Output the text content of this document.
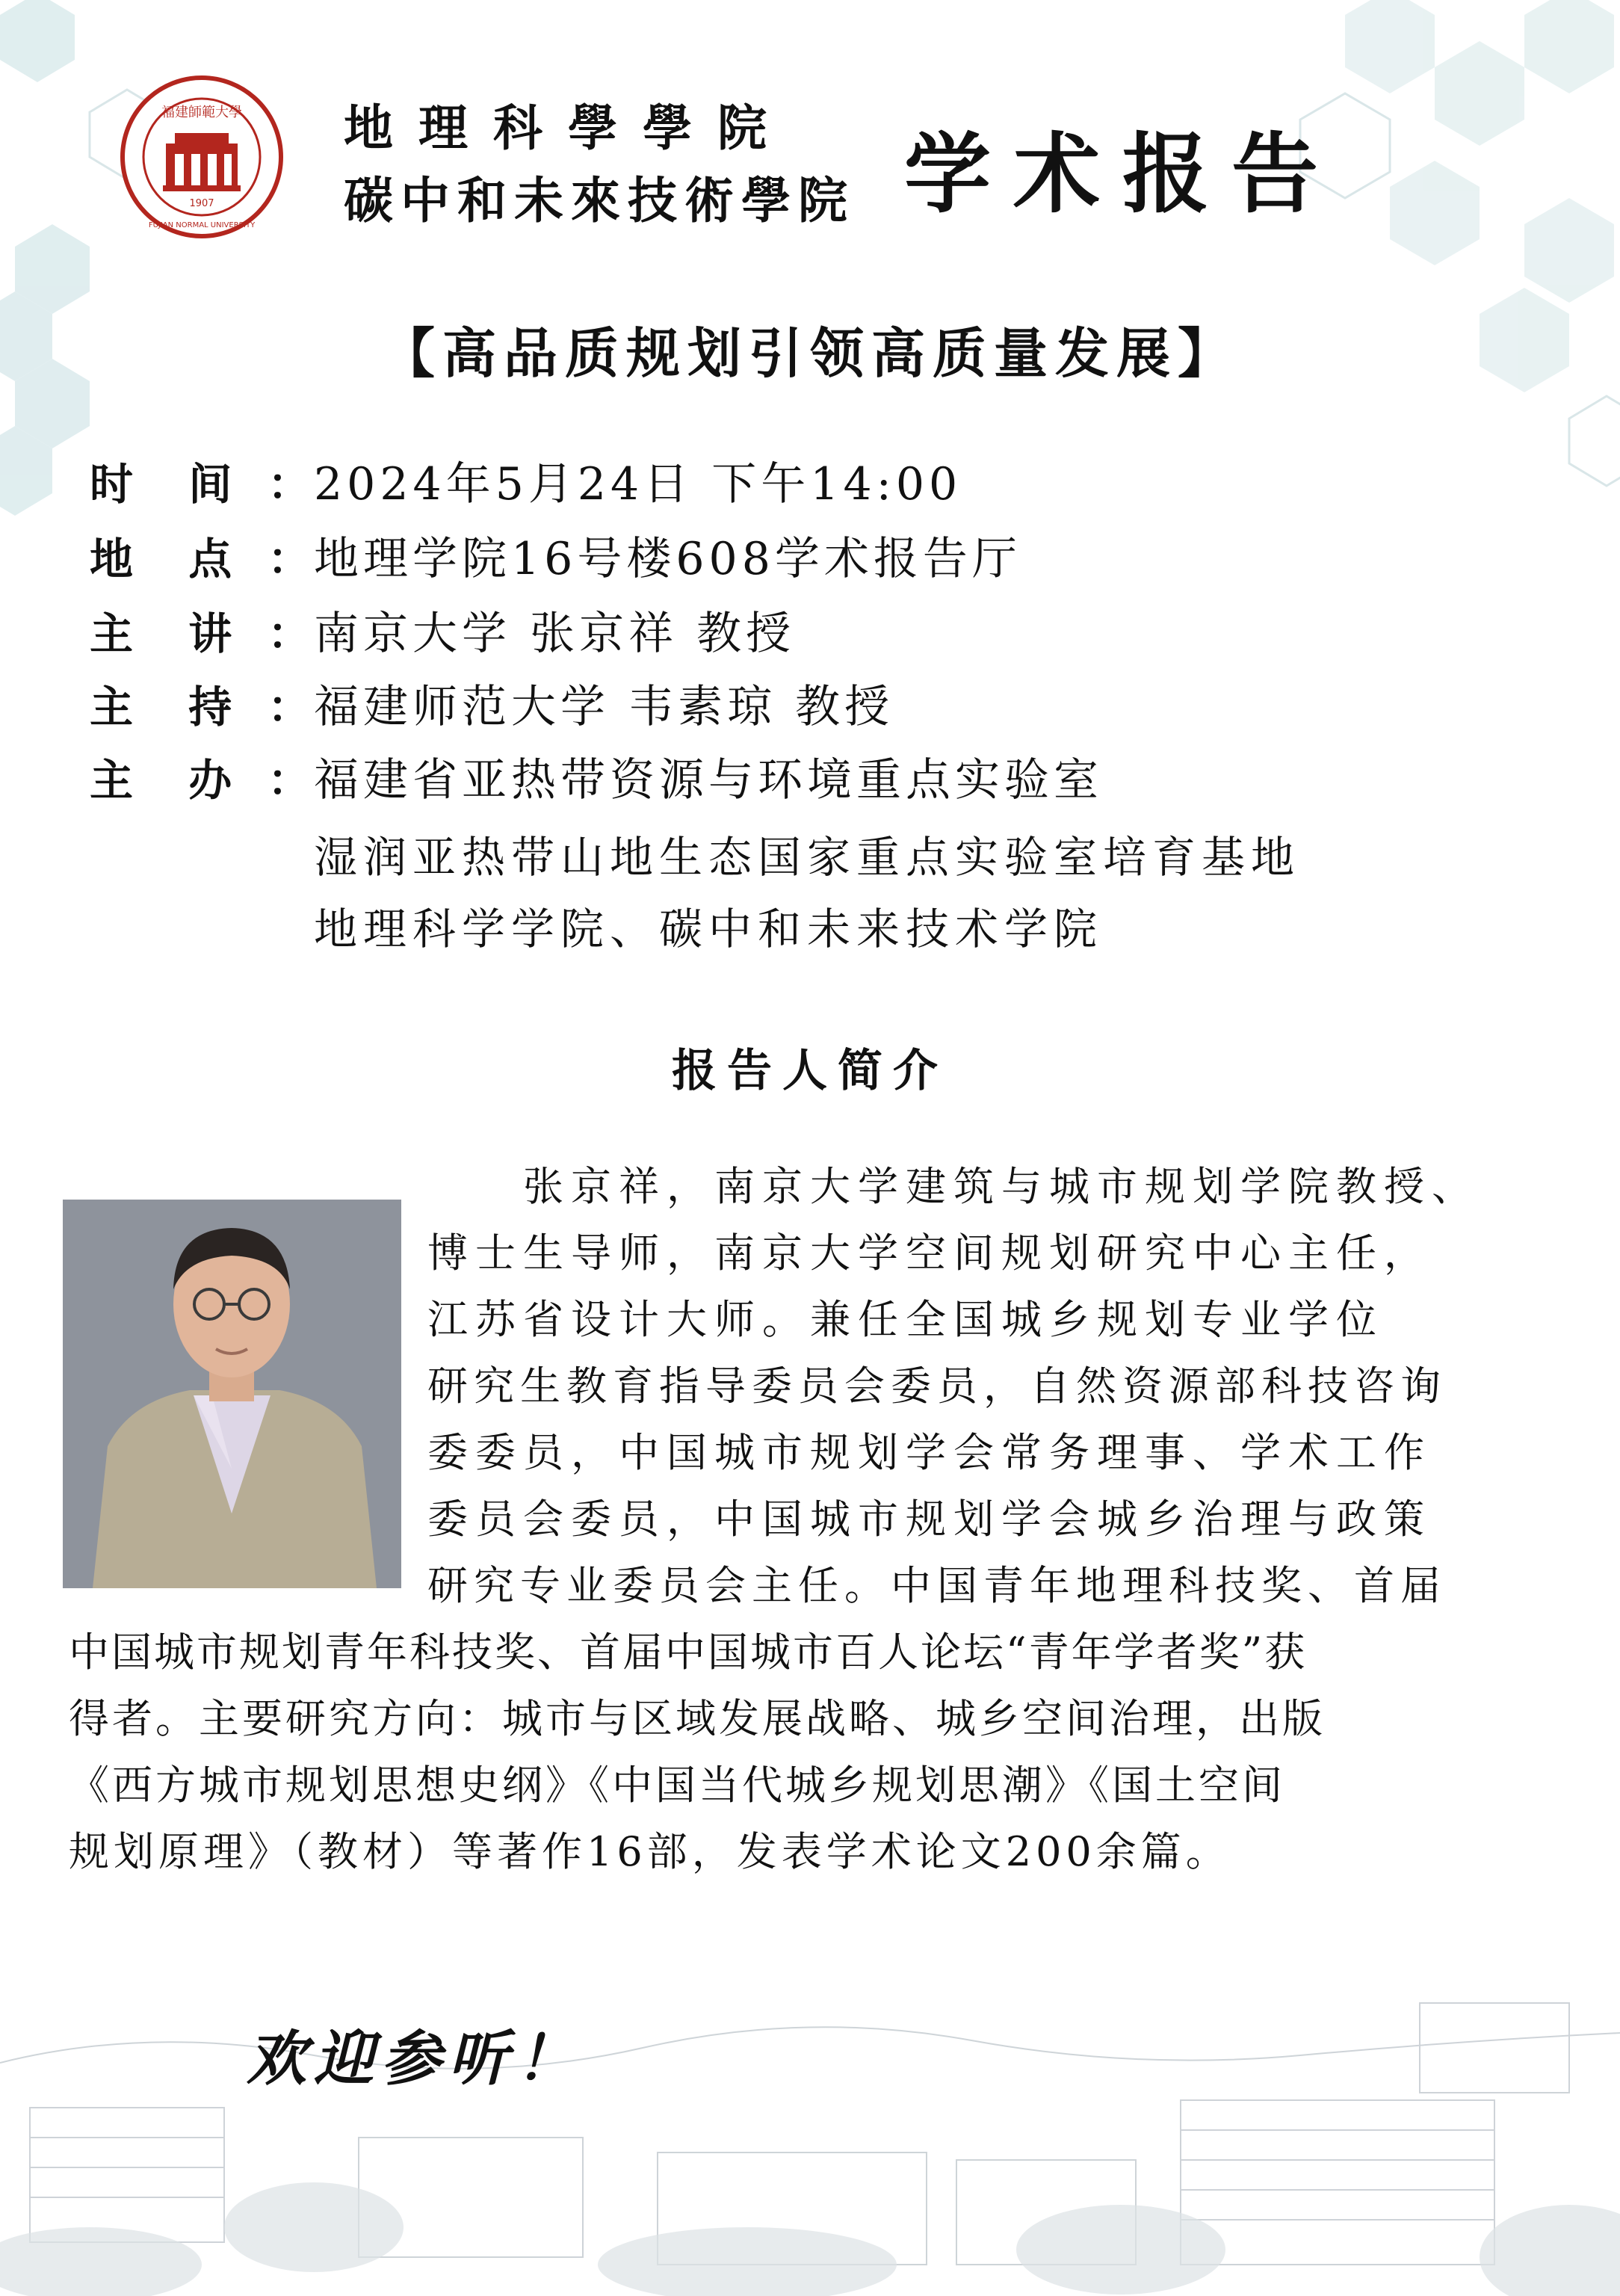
1907
福建師範大學
FUJIAN NORMAL UNIVERSITY
地理科學學院
碳中和未來技術學院 学术报告
【高品质规划引领高质量发展】
时	间 ： 2024年5月24日 下午14:00
地	点 ： 地理学院16号楼608学术报告厅
主	讲 ： 南京大学 张京祥 教授
主	持 ： 福建师范大学 韦素琼 教授
主	办 ： 福建省亚热带资源与环境重点实验室
湿润亚热带山地生态国家重点实验室培育基地
地理科学学院、碳中和未来技术学院
报告人简介
张京祥，南京大学建筑与城市规划学院教授、
博士生导师，南京大学空间规划研究中心主任，
江苏省设计大师。兼任全国城乡规划专业学位
研究生教育指导委员会委员，自然资源部科技咨询
委委员，中国城市规划学会常务理事、学术工作
委员会委员，中国城市规划学会城乡治理与政策
研究专业委员会主任。中国青年地理科技奖、首届
中国城市规划青年科技奖、首届中国城市百人论坛“青年学者奖”获
得者。主要研究方向：城市与区域发展战略、城乡空间治理，出版
《西方城市规划思想史纲》《中国当代城乡规划思潮》《国土空间
规划原理》（教材）等著作16部，发表学术论文200余篇。
欢迎参听！
